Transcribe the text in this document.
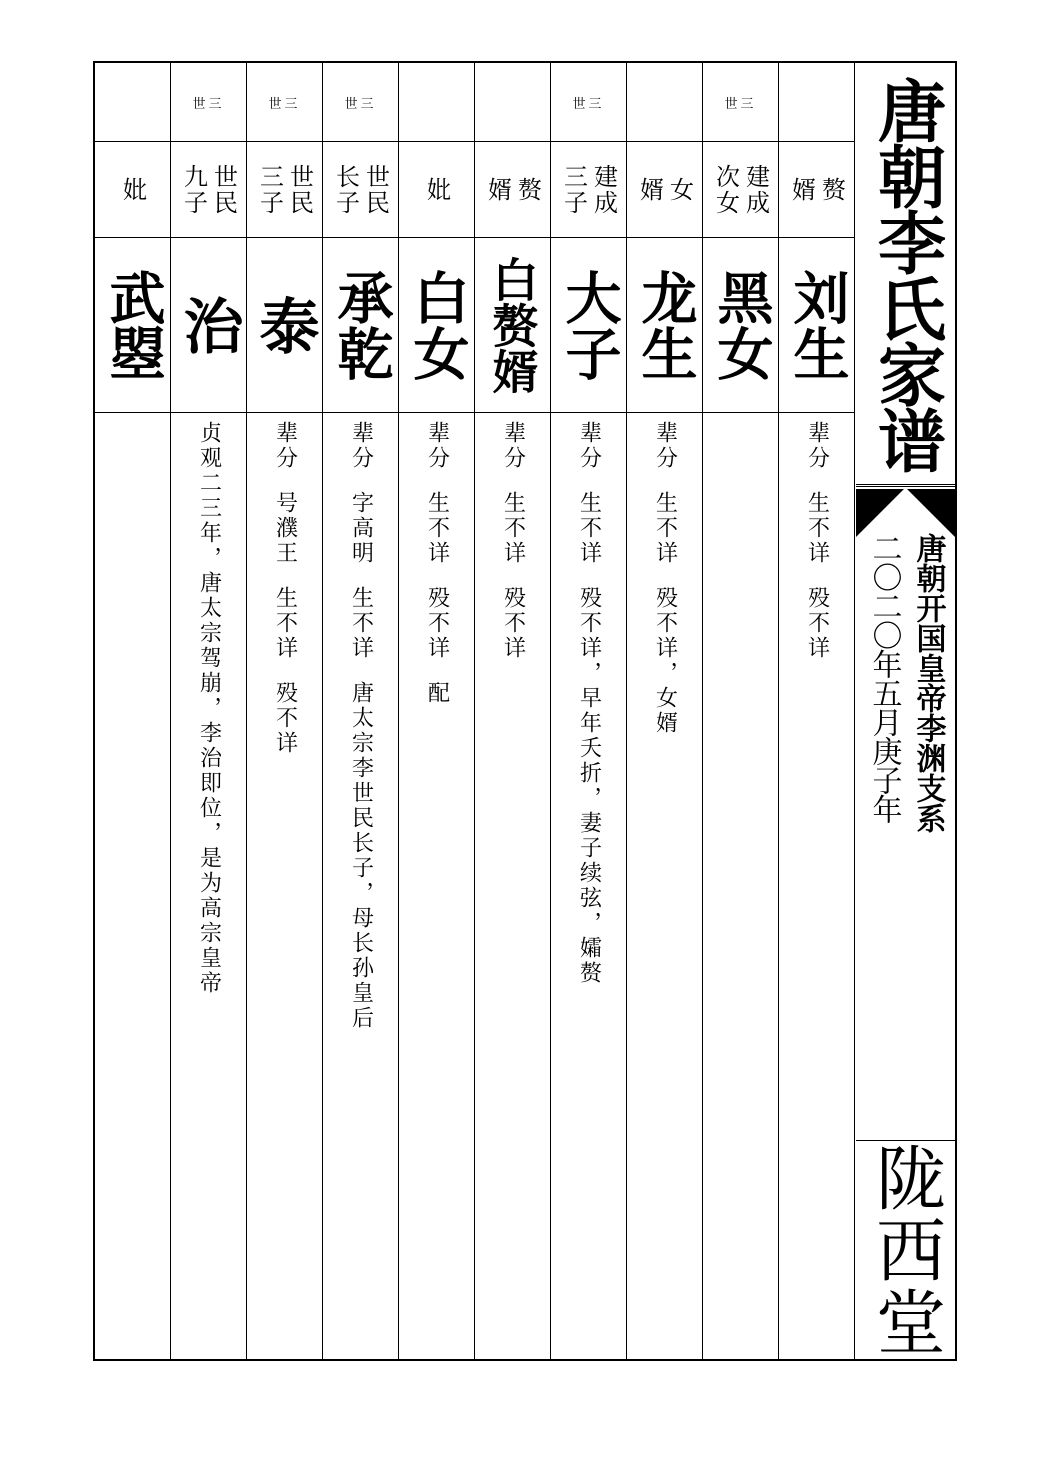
赘
婿
刘生
辈分  生不详  殁不详
世三
建成
次女
黑女
女
婿
龙生
辈分  生不详  殁不详，女婿
世三
建成
三子
大子
辈分  生不详  殁不详，早年夭折，妻子续弦，孀赘
赘
婿
白赘婿
辈分  生不详  殁不详
妣
白女
辈分  生不详  殁不详  配
世三
世民
长子
承乾
辈分  字高明  生不详  唐太宗李世民长子，母长孙皇后
世三
世民
三子
泰
辈分  号濮王  生不详  殁不详
世三
世民
九子
治
贞观二三年，唐太宗驾崩，李治即位，是为高宗皇帝
妣
武曌	唐朝李氏家谱
唐朝开国皇帝李渊支系
二〇二〇年五月庚子年
陇西堂
